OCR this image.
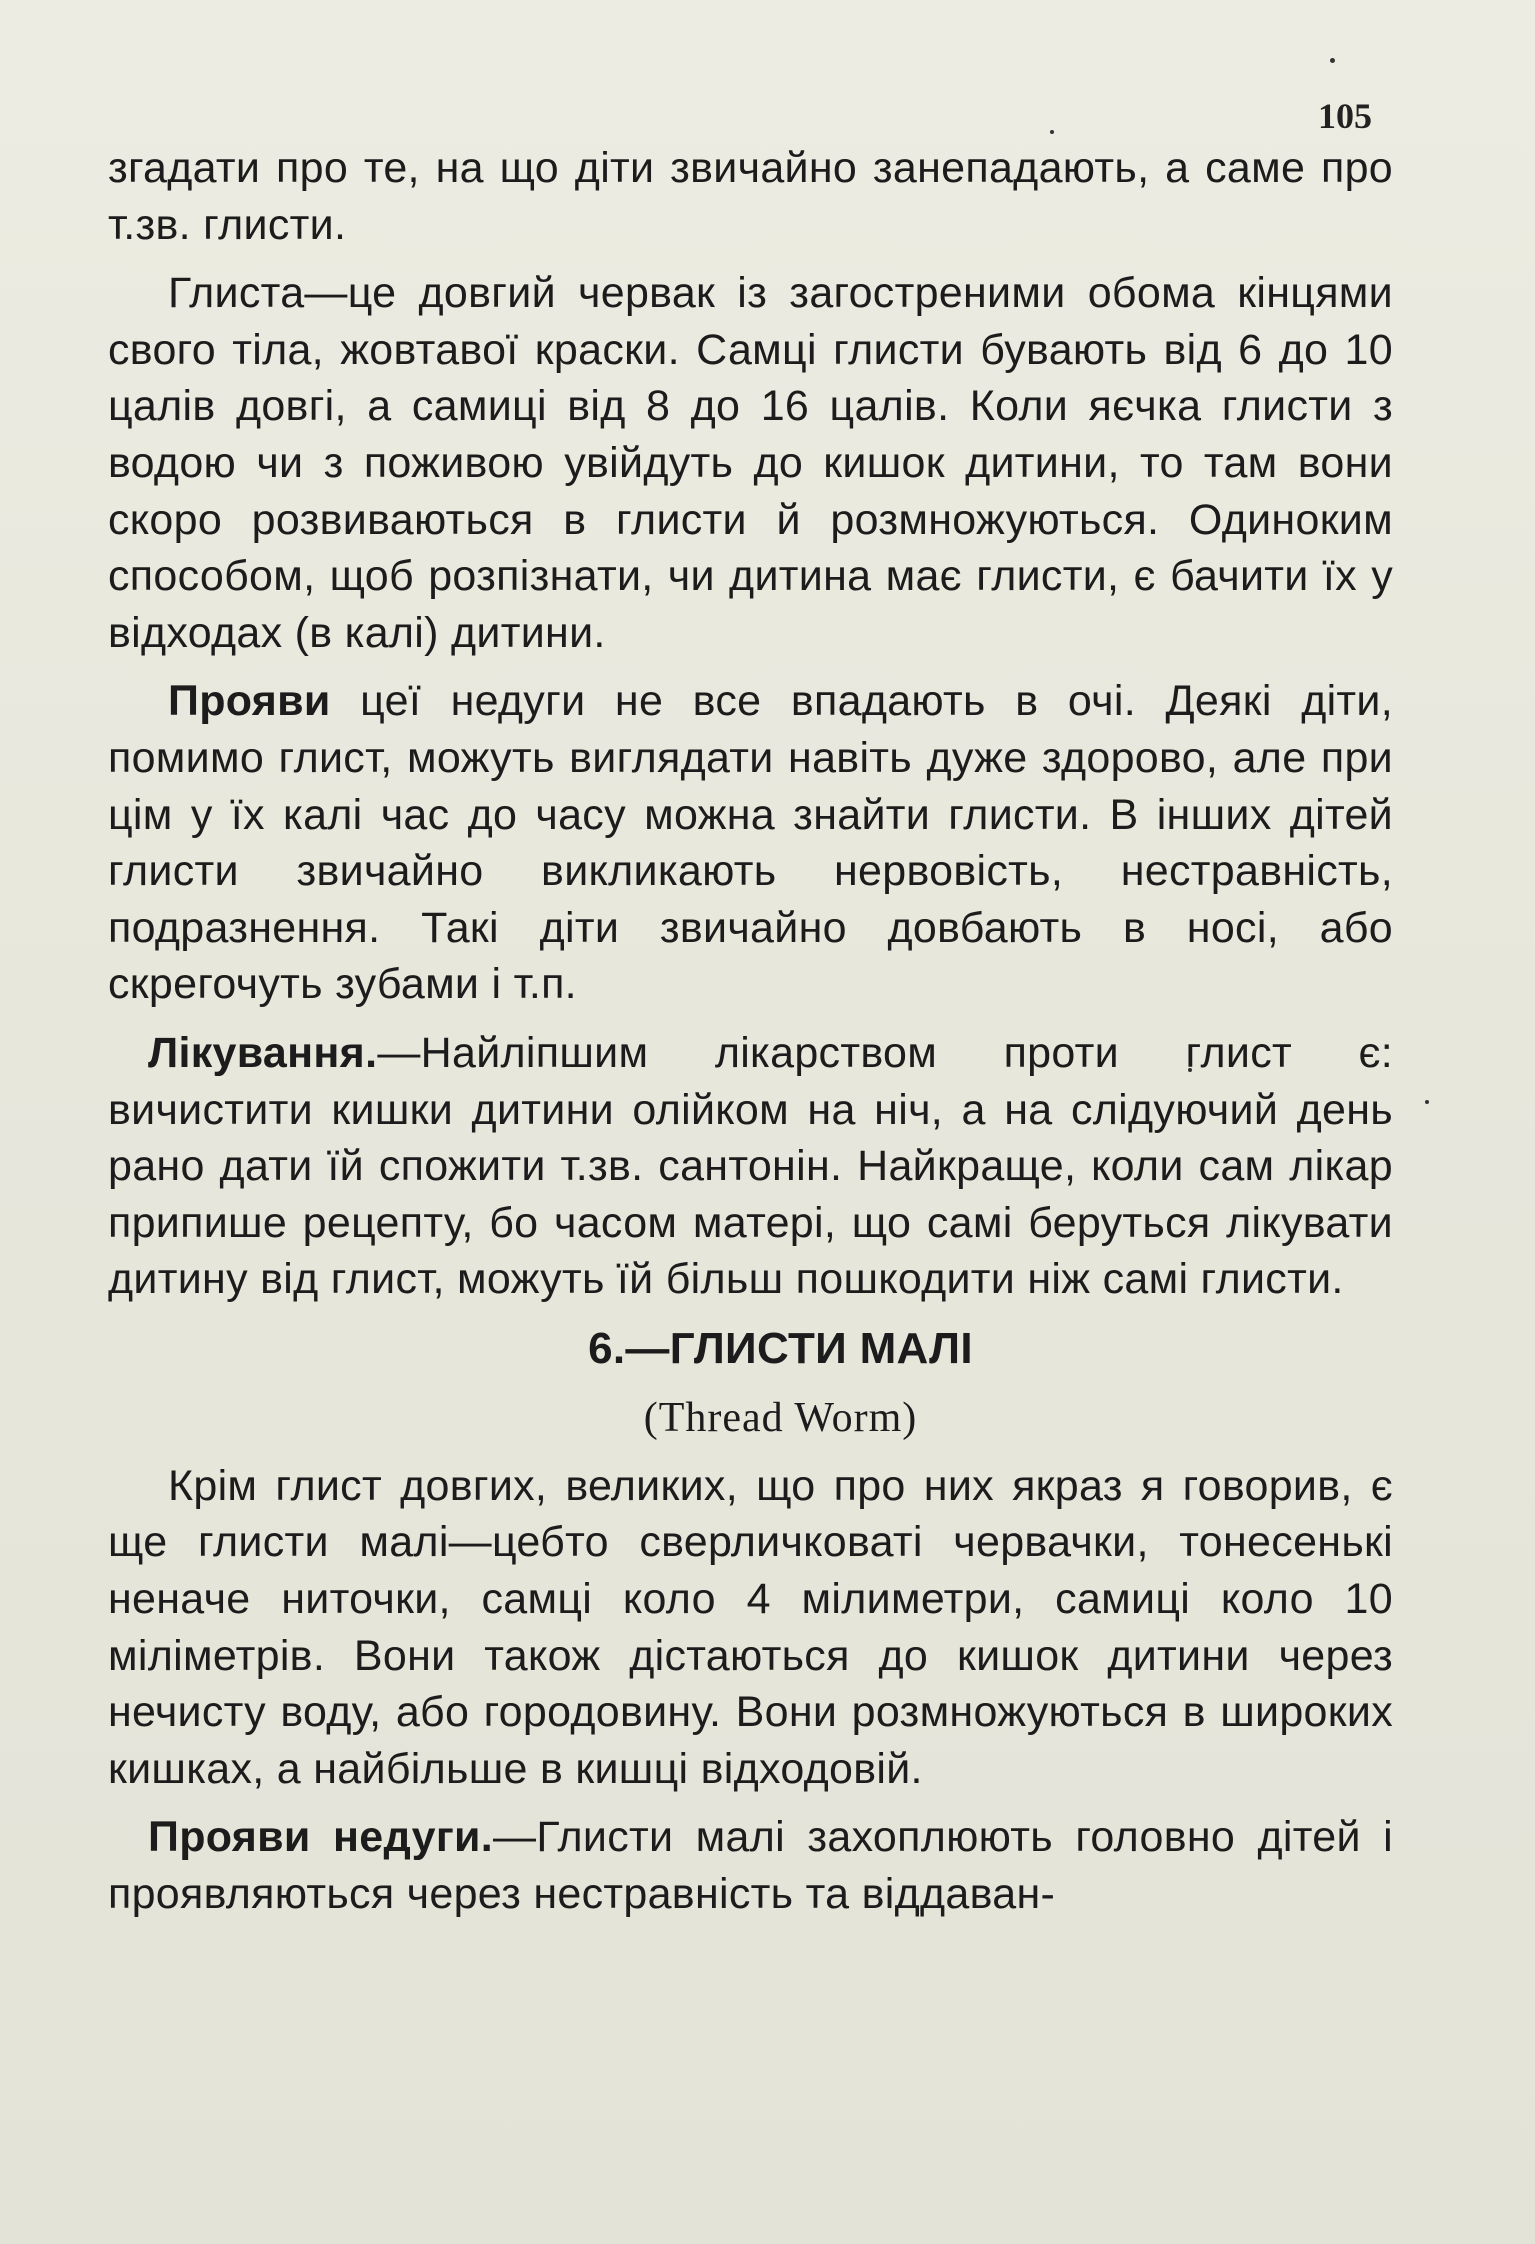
105

згадати про те, на що діти звичайно занепадають, а саме про т.зв. глисти.

Глиста—це довгий червак із загостреними обома кінцями свого тіла, жовтавої краски. Самці глисти бувають від 6 до 10 цалів довгі, а самиці від 8 до 16 цалів. Коли яєчка глисти з водою чи з поживою увійдуть до кишок дитини, то там вони скоро розвиваються в глисти й розмножуються. Одиноким способом, щоб розпізнати, чи дитина має глисти, є бачити їх у відходах (в калі) дитини.

Прояви цеї недуги не все впадають в очі. Деякі діти, помимо глист, можуть виглядати навіть дуже здорово, але при цім у їх калі час до часу можна знайти глисти. В інших дітей глисти звичайно викликають нервовість, нестравність, подразнення. Такі діти звичайно довбають в носі, або скрегочуть зубами і т.п.

Лікування.—Найліпшим лікарством проти глист є: вичистити кишки дитини олійком на ніч, а на слідуючий день рано дати їй спожити т.зв. сантонін. Найкраще, коли сам лікар припише рецепту, бо часом матері, що самі беруться лікувати дитину від глист, можуть їй більш пошкодити ніж самі глисти.

6.—ГЛИСТИ МАЛІ

(Thread Worm)

Крім глист довгих, великих, що про них якраз я говорив, є ще глисти малі—цебто сверличковаті червачки, тонесенькі неначе ниточки, самці коло 4 мілиметри, самиці коло 10 міліметрів. Вони також дістаються до кишок дитини через нечисту воду, або городовину. Вони розмножуються в широких кишках, а найбільше в кишці відходовій.

Прояви недуги.—Глисти малі захоплюють головно дітей і проявляються через нестравність та віддаван-
